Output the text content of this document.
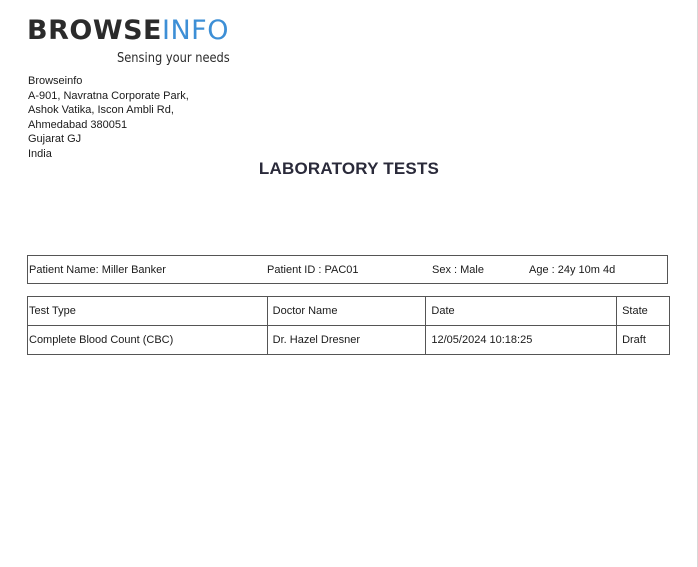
BROWSEINFO
Sensing your needs
Browseinfo
A-901, Navratna Corporate Park,
Ashok Vatika, Iscon Ambli Rd,
Ahmedabad 380051
Gujarat GJ
India
LABORATORY TESTS
Patient Name: Miller Banker	Patient ID : PAC01	Sex : Male	Age : 24y 10m 4d
Test Type	Doctor Name	Date	State
Complete Blood Count (CBC)	Dr. Hazel Dresner	12/05/2024 10:18:25	Draft
